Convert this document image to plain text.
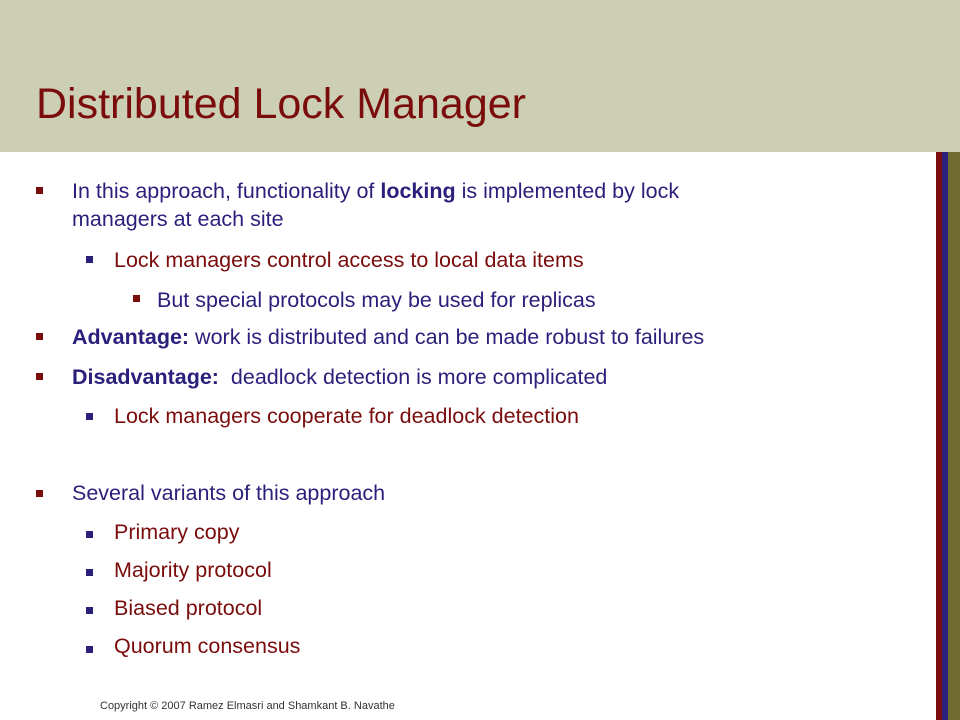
Distributed Lock Manager
In this approach, functionality of locking is implemented by lock
managers at each site
Lock managers control access to local data items
But special protocols may be used for replicas
Advantage: work is distributed and can be made robust to failures
Disadvantage:  deadlock detection is more complicated
Lock managers cooperate for deadlock detection
Several variants of this approach
Primary copy
Majority protocol
Biased protocol
Quorum consensus
Copyright © 2007 Ramez Elmasri and Shamkant B. Navathe
